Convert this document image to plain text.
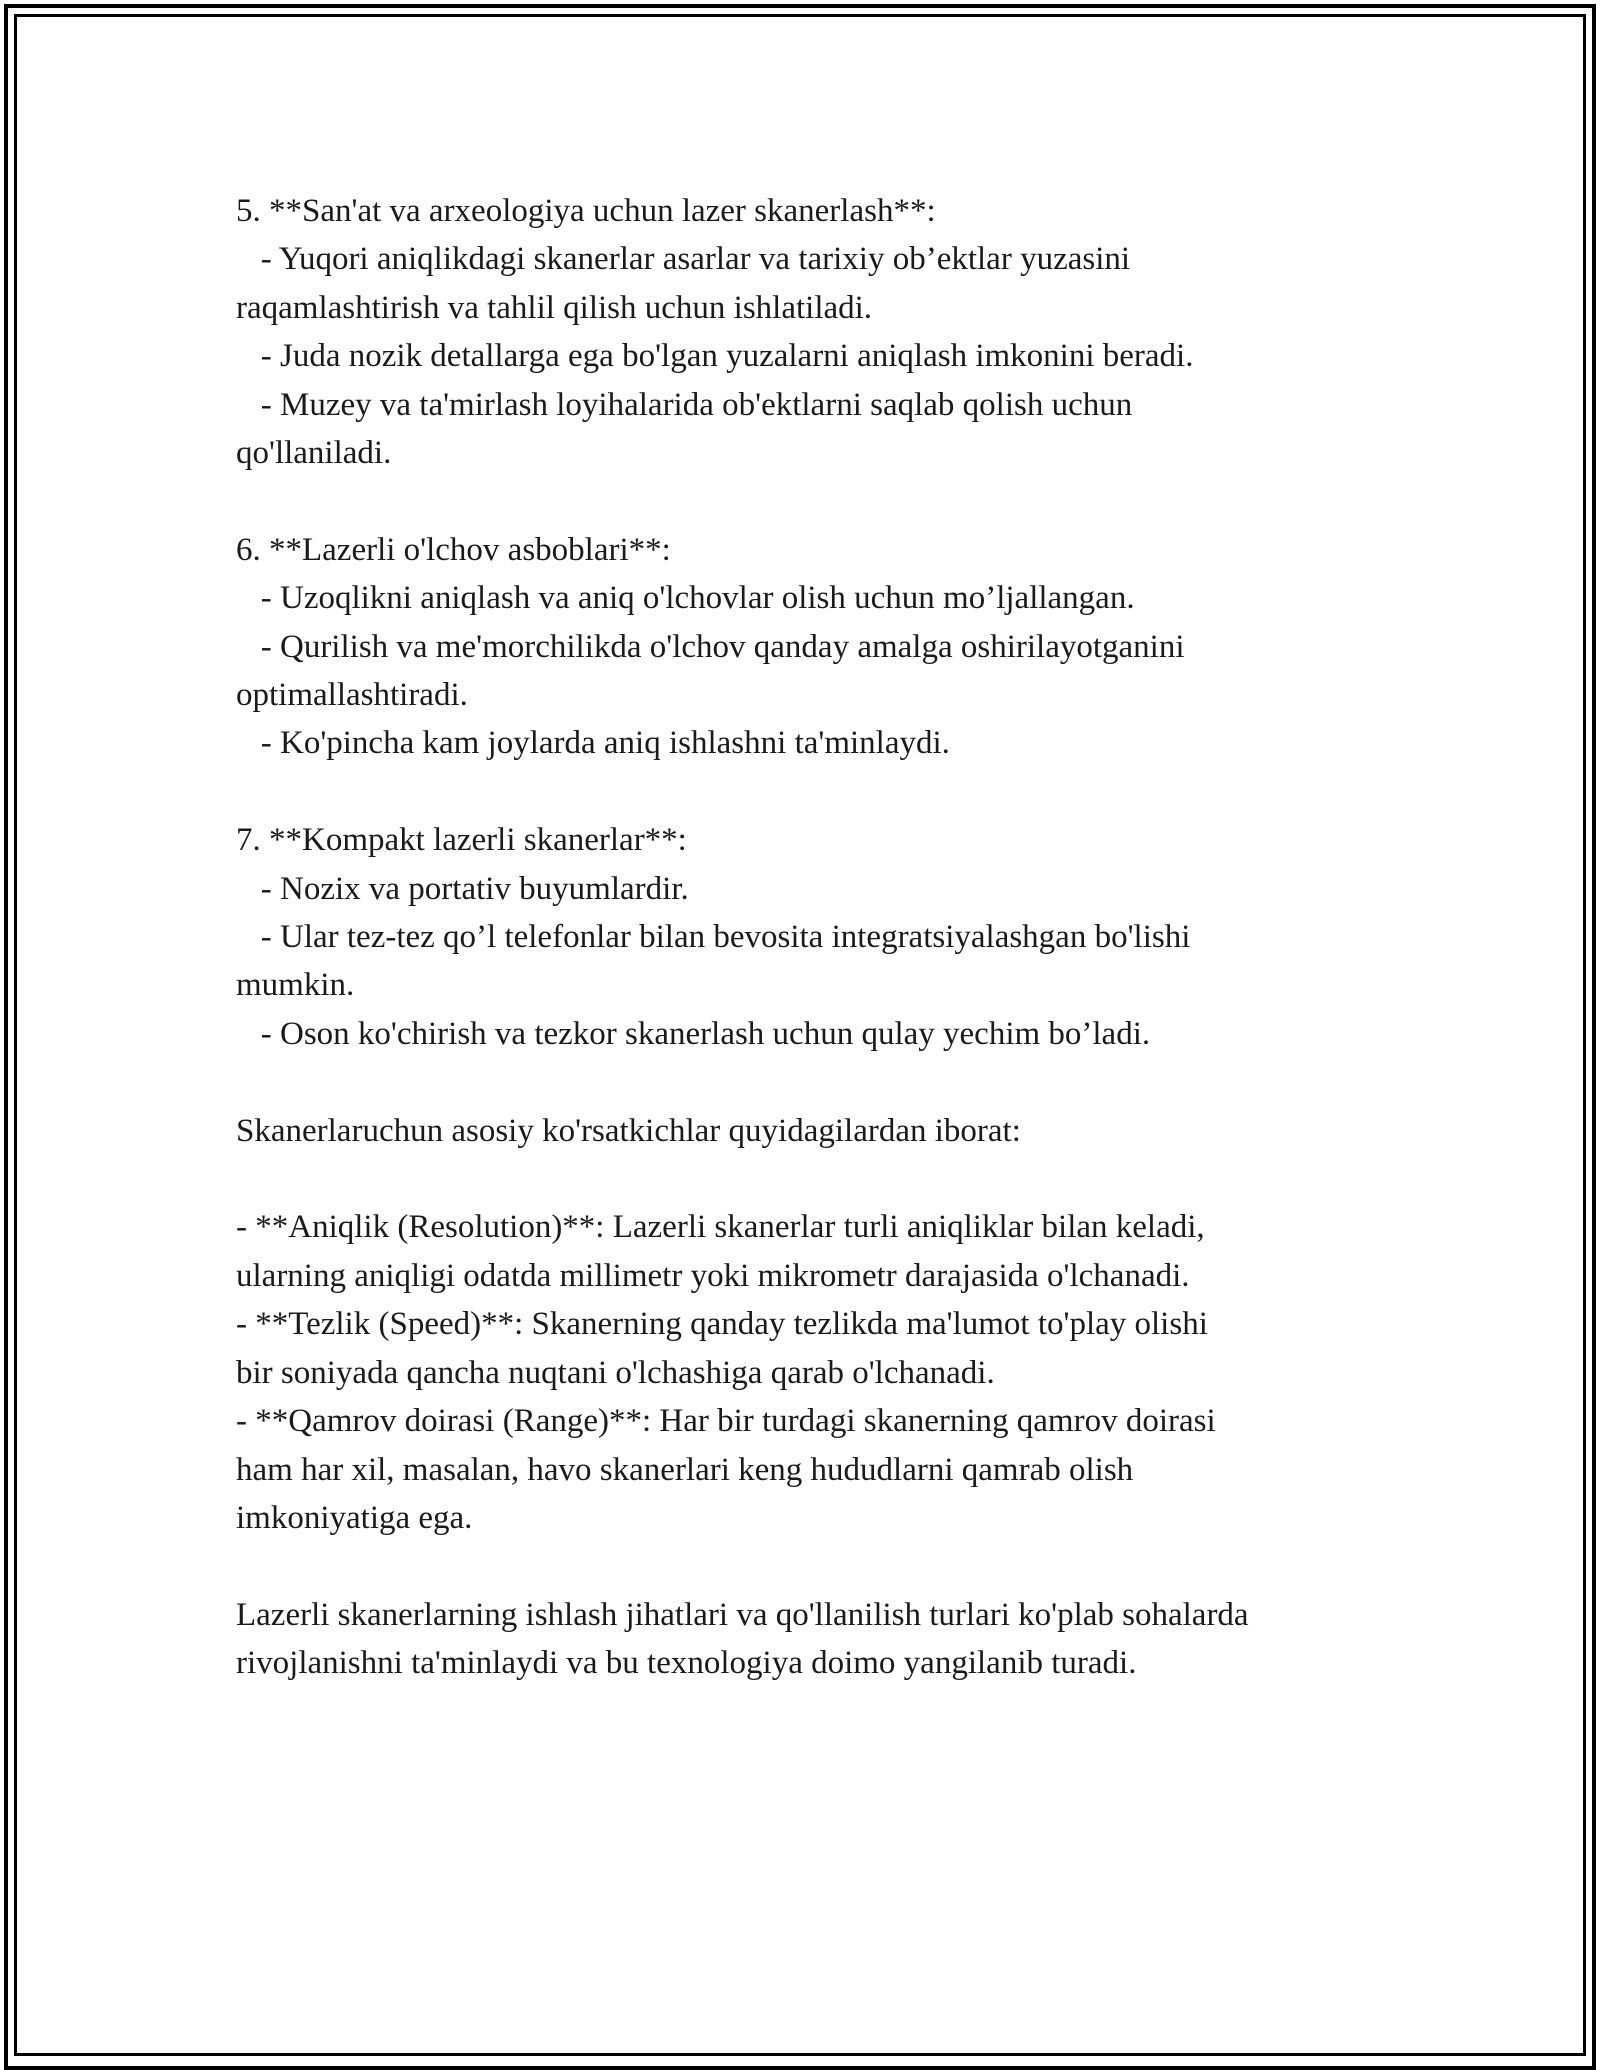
5. **San'at va arxeologiya uchun lazer skanerlash**:
- Yuqori aniqlikdagi skanerlar asarlar va tarixiy ob’ektlar yuzasini
raqamlashtirish va tahlil qilish uchun ishlatiladi.
- Juda nozik detallarga ega bo'lgan yuzalarni aniqlash imkonini beradi.
- Muzey va ta'mirlash loyihalarida ob'ektlarni saqlab qolish uchun
qo'llaniladi.
6. **Lazerli o'lchov asboblari**:
- Uzoqlikni aniqlash va aniq o'lchovlar olish uchun mo’ljallangan.
- Qurilish va me'morchilikda o'lchov qanday amalga oshirilayotganini
optimallashtiradi.
- Ko'pincha kam joylarda aniq ishlashni ta'minlaydi.
7. **Kompakt lazerli skanerlar**:
- Nozix va portativ buyumlardir.
- Ular tez-tez qo’l telefonlar bilan bevosita integratsiyalashgan bo'lishi
mumkin.
- Oson ko'chirish va tezkor skanerlash uchun qulay yechim bo’ladi.
Skanerlaruchun asosiy ko'rsatkichlar quyidagilardan iborat:
- **Aniqlik (Resolution)**: Lazerli skanerlar turli aniqliklar bilan keladi,
ularning aniqligi odatda millimetr yoki mikrometr darajasida o'lchanadi.
- **Tezlik (Speed)**: Skanerning qanday tezlikda ma'lumot to'play olishi
bir soniyada qancha nuqtani o'lchashiga qarab o'lchanadi.
- **Qamrov doirasi (Range)**: Har bir turdagi skanerning qamrov doirasi
ham har xil, masalan, havo skanerlari keng hududlarni qamrab olish
imkoniyatiga ega.
Lazerli skanerlarning ishlash jihatlari va qo'llanilish turlari ko'plab sohalarda
rivojlanishni ta'minlaydi va bu texnologiya doimo yangilanib turadi.
